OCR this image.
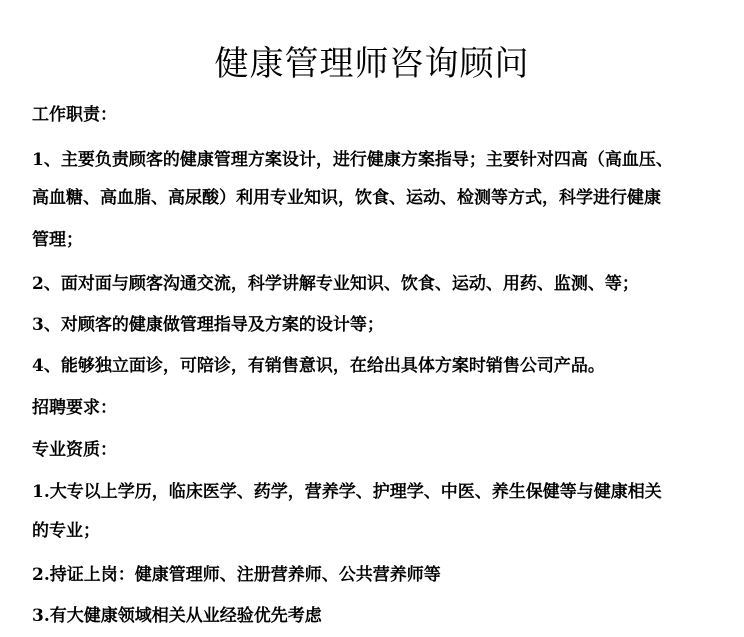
健康管理师咨询顾问

工作职责：

1、主要负责顾客的健康管理方案设计，进行健康方案指导；主要针对四高（高血压、

高血糖、高血脂、高尿酸）利用专业知识，饮食、运动、检测等方式，科学进行健康

管理；

2、面对面与顾客沟通交流，科学讲解专业知识、饮食、运动、用药、监测、等；

3、对顾客的健康做管理指导及方案的设计等；

4、能够独立面诊，可陪诊，有销售意识，在给出具体方案时销售公司产品。

招聘要求：

专业资质：

1.大专以上学历，临床医学、药学，营养学、护理学、中医、养生保健等与健康相关

的专业；

2.持证上岗：健康管理师、注册营养师、公共营养师等

3.有大健康领域相关从业经验优先考虑
